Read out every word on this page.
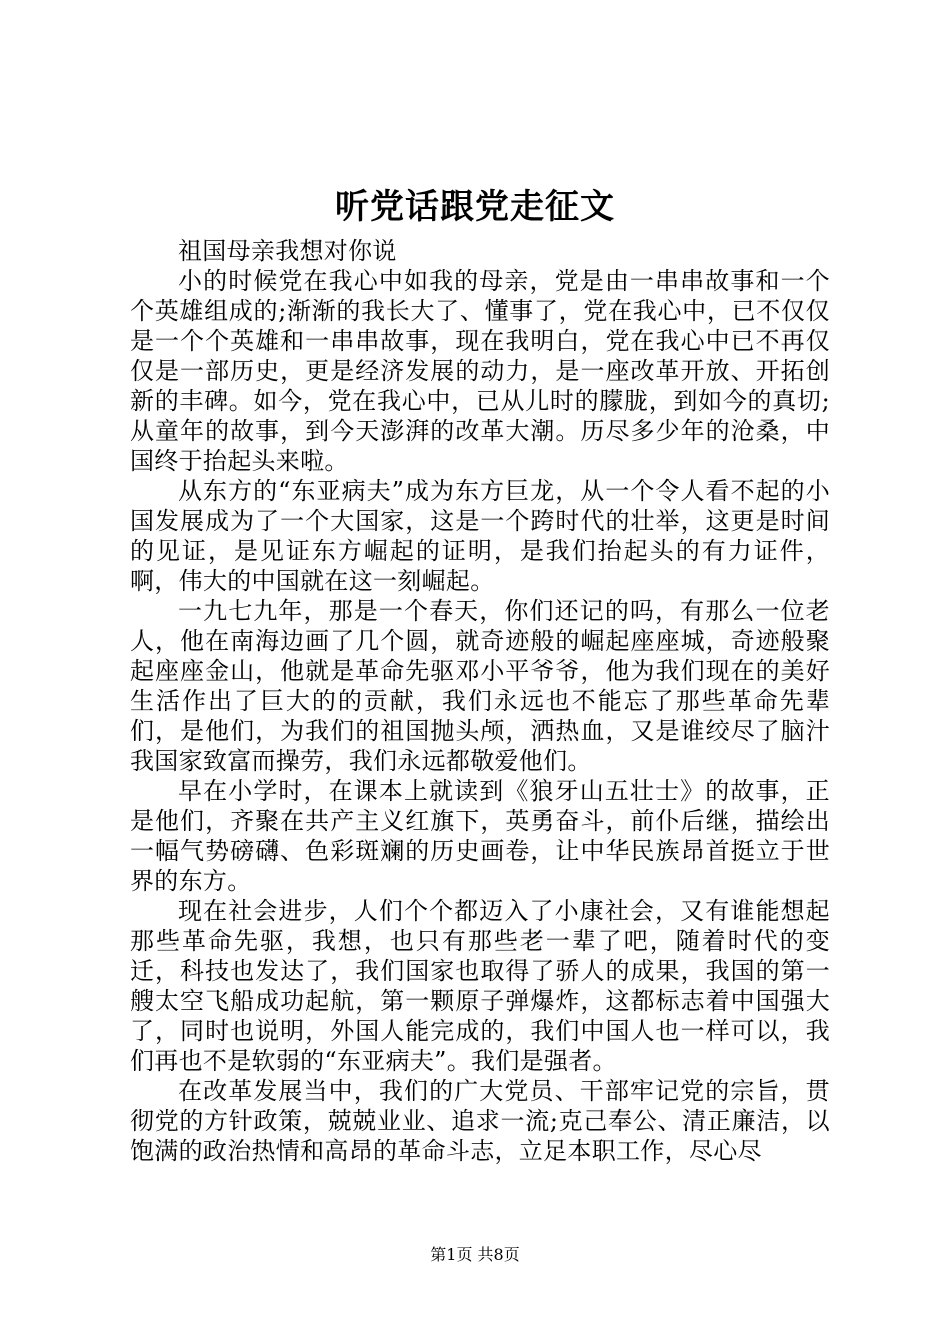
听党话跟党走征文

祖国母亲我想对你说

小的时候党在我心中如我的母亲，党是由一串串故事和一个个英雄组成的;渐渐的我长大了、懂事了，党在我心中，已不仅仅是一个个英雄和一串串故事，现在我明白，党在我心中已不再仅仅是一部历史，更是经济发展的动力，是一座改革开放、开拓创新的丰碑。如今，党在我心中，已从儿时的朦胧，到如今的真切;从童年的故事，到今天澎湃的改革大潮。历尽多少年的沧桑，中国终于抬起头来啦。

从东方的“东亚病夫”成为东方巨龙，从一个令人看不起的小国发展成为了一个大国家，这是一个跨时代的壮举，这更是时间的见证，是见证东方崛起的证明，是我们抬起头的有力证件，啊，伟大的中国就在这一刻崛起。

一九七九年，那是一个春天，你们还记的吗，有那么一位老人，他在南海边画了几个圆，就奇迹般的崛起座座城，奇迹般聚起座座金山，他就是革命先驱邓小平爷爷，他为我们现在的美好生活作出了巨大的的贡献，我们永远也不能忘了那些革命先辈们，是他们，为我们的祖国抛头颅，洒热血，又是谁绞尽了脑汁我国家致富而操劳，我们永远都敬爱他们。

早在小学时，在课本上就读到《狼牙山五壮士》的故事，正是他们，齐聚在共产主义红旗下，英勇奋斗，前仆后继，描绘出一幅气势磅礴、色彩斑斓的历史画卷，让中华民族昂首挺立于世界的东方。

现在社会进步，人们个个都迈入了小康社会，又有谁能想起那些革命先驱，我想，也只有那些老一辈了吧，随着时代的变迁，科技也发达了，我们国家也取得了骄人的成果，我国的第一艘太空飞船成功起航，第一颗原子弹爆炸，这都标志着中国强大了，同时也说明，外国人能完成的，我们中国人也一样可以，我们再也不是软弱的“东亚病夫”。我们是强者。

在改革发展当中，我们的广大党员、干部牢记党的宗旨，贯彻党的方针政策，兢兢业业、追求一流;克己奉公、清正廉洁，以饱满的政治热情和高昂的革命斗志，立足本职工作，尽心尽

第1页 共8页
